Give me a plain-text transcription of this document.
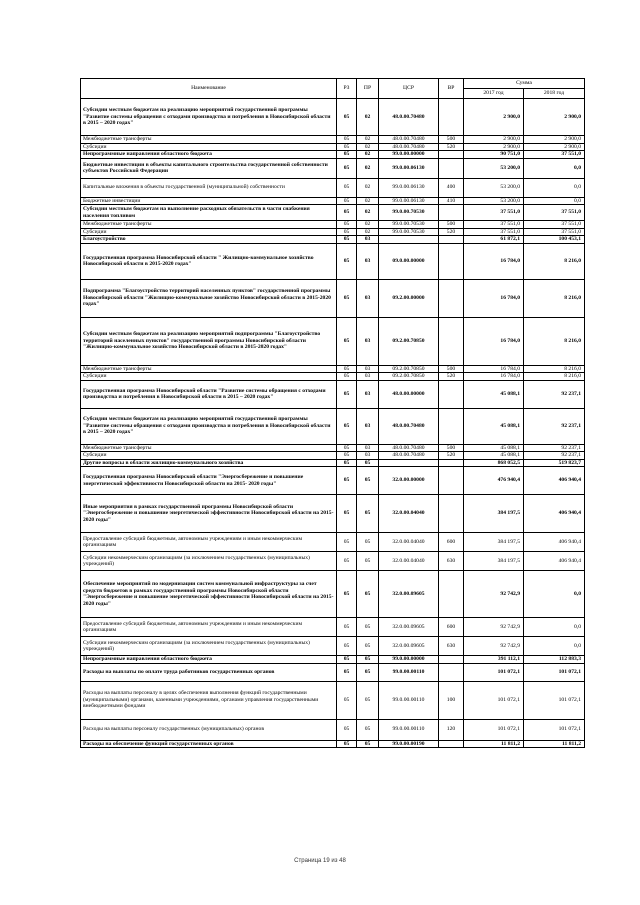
Наименование	РЗ	ПР	ЦСР	ВР	Сумма	
					2017 год	2018 год
Субсидии местным бюджетам на реализацию мероприятий государственной программы "Развитие системы обращения с отходами производства и потребления в Новосибирской области в 2015 – 2020 годах"	05	02	48.0.00.70480		2 900,0	2 900,0
Межбюджетные трансферты	05	02	48.0.00.70480	500	2 900,0	2 900,0
Субсидии	05	02	48.0.00.70480	520	2 900,0	2 900,0
Непрограммные направления областного бюджета	05	02	99.0.00.00000		90 751,0	37 551,0
Бюджетные инвестиции в объекты капитального строительства государственной собственности субъектов Российской Федерации	05	02	99.0.00.06130		53 200,0	0,0
Капитальные вложения в объекты государственной (муниципальной) собственности	05	02	99.0.00.06130	400	53 200,0	0,0
Бюджетные инвестиции	05	02	99.0.00.06130	410	53 200,0	0,0
Субсидии местным бюджетам на выполнение расходных обязательств в части снабжения населения топливом	05	02	99.0.00.70530		37 551,0	37 551,0
Межбюджетные трансферты	05	02	99.0.00.70530	500	37 551,0	37 551,0
Субсидии	05	02	99.0.00.70530	520	37 551,0	37 551,0
Благоустройство	05	03			61 872,1	100 453,1
Государственная программа Новосибирской области " Жилищно-коммунальное хозяйство Новосибирской области в 2015-2020 годах"	05	03	09.0.00.00000		16 784,0	8 216,0
Подпрограмма "Благоустройство территорий населенных пунктов" государственной программы Новосибирской области "Жилищно-коммунальное хозяйство Новосибирской области в 2015-2020 годах"	05	03	09.2.00.00000		16 784,0	8 216,0
Субсидии местным бюджетам на реализацию мероприятий подпрограммы "Благоустройство территорий населенных пунктов" государственной программы Новосибирской области "Жилищно-коммунальное хозяйство Новосибирской области в 2015-2020 годах"	05	03	09.2.00.70850		16 784,0	8 216,0
Межбюджетные трансферты	05	03	09.2.00.70850	500	16 784,0	8 216,0
Субсидии	05	03	09.2.00.70850	520	16 784,0	8 216,0
Государственная программа Новосибирской области "Развитие системы обращения с отходами производства и потребления в Новосибирской области в 2015 – 2020 годах"	05	03	48.0.00.00000		45 088,1	92 237,1
Субсидии местным бюджетам на реализацию мероприятий государственной программы "Развитие системы обращения с отходами производства и потребления в Новосибирской области в 2015 – 2020 годах"	05	03	48.0.00.70480		45 088,1	92 237,1
Межбюджетные трансферты	05	03	48.0.00.70480	500	45 088,1	92 237,1
Субсидии	05	03	48.0.00.70480	520	45 088,1	92 237,1
Другие вопросы в области жилищно-коммунального хозяйства	05	05			868 052,5	519 823,7
Государственная программа Новосибирской области "Энергосбережение и повышение энергетической эффективности Новосибирской области на 2015- 2020 годы"	05	05	32.0.00.00000		476 940,4	406 940,4
Иные мероприятия в рамках государственной программы Новосибирской области "Энергосбережение и повышение энергетической эффективности Новосибирской области на 2015- 2020 годы"	05	05	32.0.00.04040		384 197,5	406 940,4
Предоставление субсидий бюджетным, автономным учреждениям и иным некоммерческим организациям	05	05	32.0.00.04040	600	384 197,5	406 940,4
Субсидии некоммерческим организациям (за исключением государственных (муниципальных) учреждений)	05	05	32.0.00.04040	630	384 197,5	406 940,4
Обеспечение мероприятий по модернизации систем коммунальной инфраструктуры за счет средств бюджетов в рамках государственной программы Новосибирской области "Энергосбережение и повышение энергетической эффективности Новосибирской области на 2015-2020 годы"	05	05	32.0.00.09605		92 742,9	0,0
Предоставление субсидий бюджетным, автономным учреждениям и иным некоммерческим организациям	05	05	32.0.00.09605	600	92 742,9	0,0
Субсидии некоммерческим организациям (за исключением государственных (муниципальных) учреждений)	05	05	32.0.00.09605	630	92 742,9	0,0
Непрограммные направления областного бюджета	05	05	99.0.00.00000		391 112,1	112 883,3
Расходы на выплаты по оплате труда работников государственных органов	05	05	99.0.00.00110		101 072,1	101 072,1
Расходы на выплаты персоналу в целях обеспечения выполнения функций государственными (муниципальными) органами, казенными учреждениями, органами управления государственными внебюджетными фондами	05	05	99.0.00.00110	100	101 072,1	101 072,1
Расходы на выплаты персоналу государственных (муниципальных) органов	05	05	99.0.00.00110	120	101 072,1	101 072,1
Расходы на обеспечение функций государственных органов	05	05	99.0.00.00190		11 811,2	11 811,2
Страница 19 из 48
